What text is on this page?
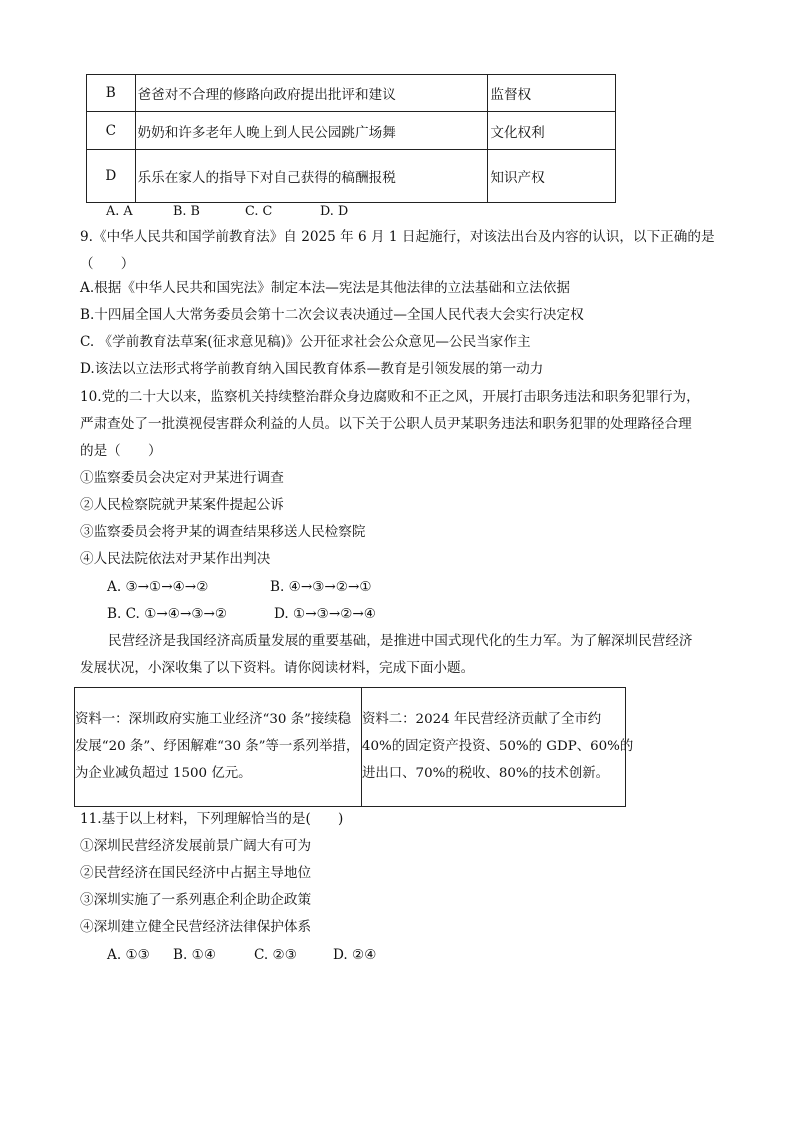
B	爸爸对不合理的修路向政府提出批评和建议	监督权
C	奶奶和许多老年人晚上到人民公园跳广场舞	文化权利
D	乐乐在家人的指导下对自己获得的稿酬报税	知识产权
A. A	B. B	C. C	D. D
9.《中华人民共和国学前教育法》自 2025 年 6 月 1 日起施行，对该法出台及内容的认识，以下正确的是
（　　）
A.根据《中华人民共和国宪法》制定本法—宪法是其他法律的立法基础和立法依据
B.十四届全国人大常务委员会第十二次会议表决通过—全国人民代表大会实行决定权
C. 《学前教育法草案(征求意见稿)》公开征求社会公众意见—公民当家作主
D.该法以立法形式将学前教育纳入国民教育体系—教育是引领发展的第一动力
10.党的二十大以来，监察机关持续整治群众身边腐败和不正之风，开展打击职务违法和职务犯罪行为，
严肃查处了一批漠视侵害群众利益的人员。以下关于公职人员尹某职务违法和职务犯罪的处理路径合理
的是（　　）
①监察委员会决定对尹某进行调查
②人民检察院就尹某案件提起公诉
③监察委员会将尹某的调查结果移送人民检察院
④人民法院依法对尹某作出判决
A. ③→①→④→②	B. ④→③→②→①
B. C. ①→④→③→②	D. ①→③→②→④
民营经济是我国经济高质量发展的重要基础，是推进中国式现代化的生力军。为了解深圳民营经济
发展状况，小深收集了以下资料。请你阅读材料，完成下面小题。
资料一：深圳政府实施工业经济“30 条”接续稳
发展“20 条”、纾困解难“30 条”等一系列举措，
为企业减负超过 1500 亿元。
资料二：2024 年民营经济贡献了全市约
40%的固定资产投资、50%的 GDP、60%的
进出口、70%的税收、80%的技术创新。
11.基于以上材料，下列理解恰当的是(　　)
①深圳民营经济发展前景广阔大有可为
②民营经济在国民经济中占据主导地位
③深圳实施了一系列惠企利企助企政策
④深圳建立健全民营经济法律保护体系
A. ①③ B. ①④	C. ②③	D. ②④
